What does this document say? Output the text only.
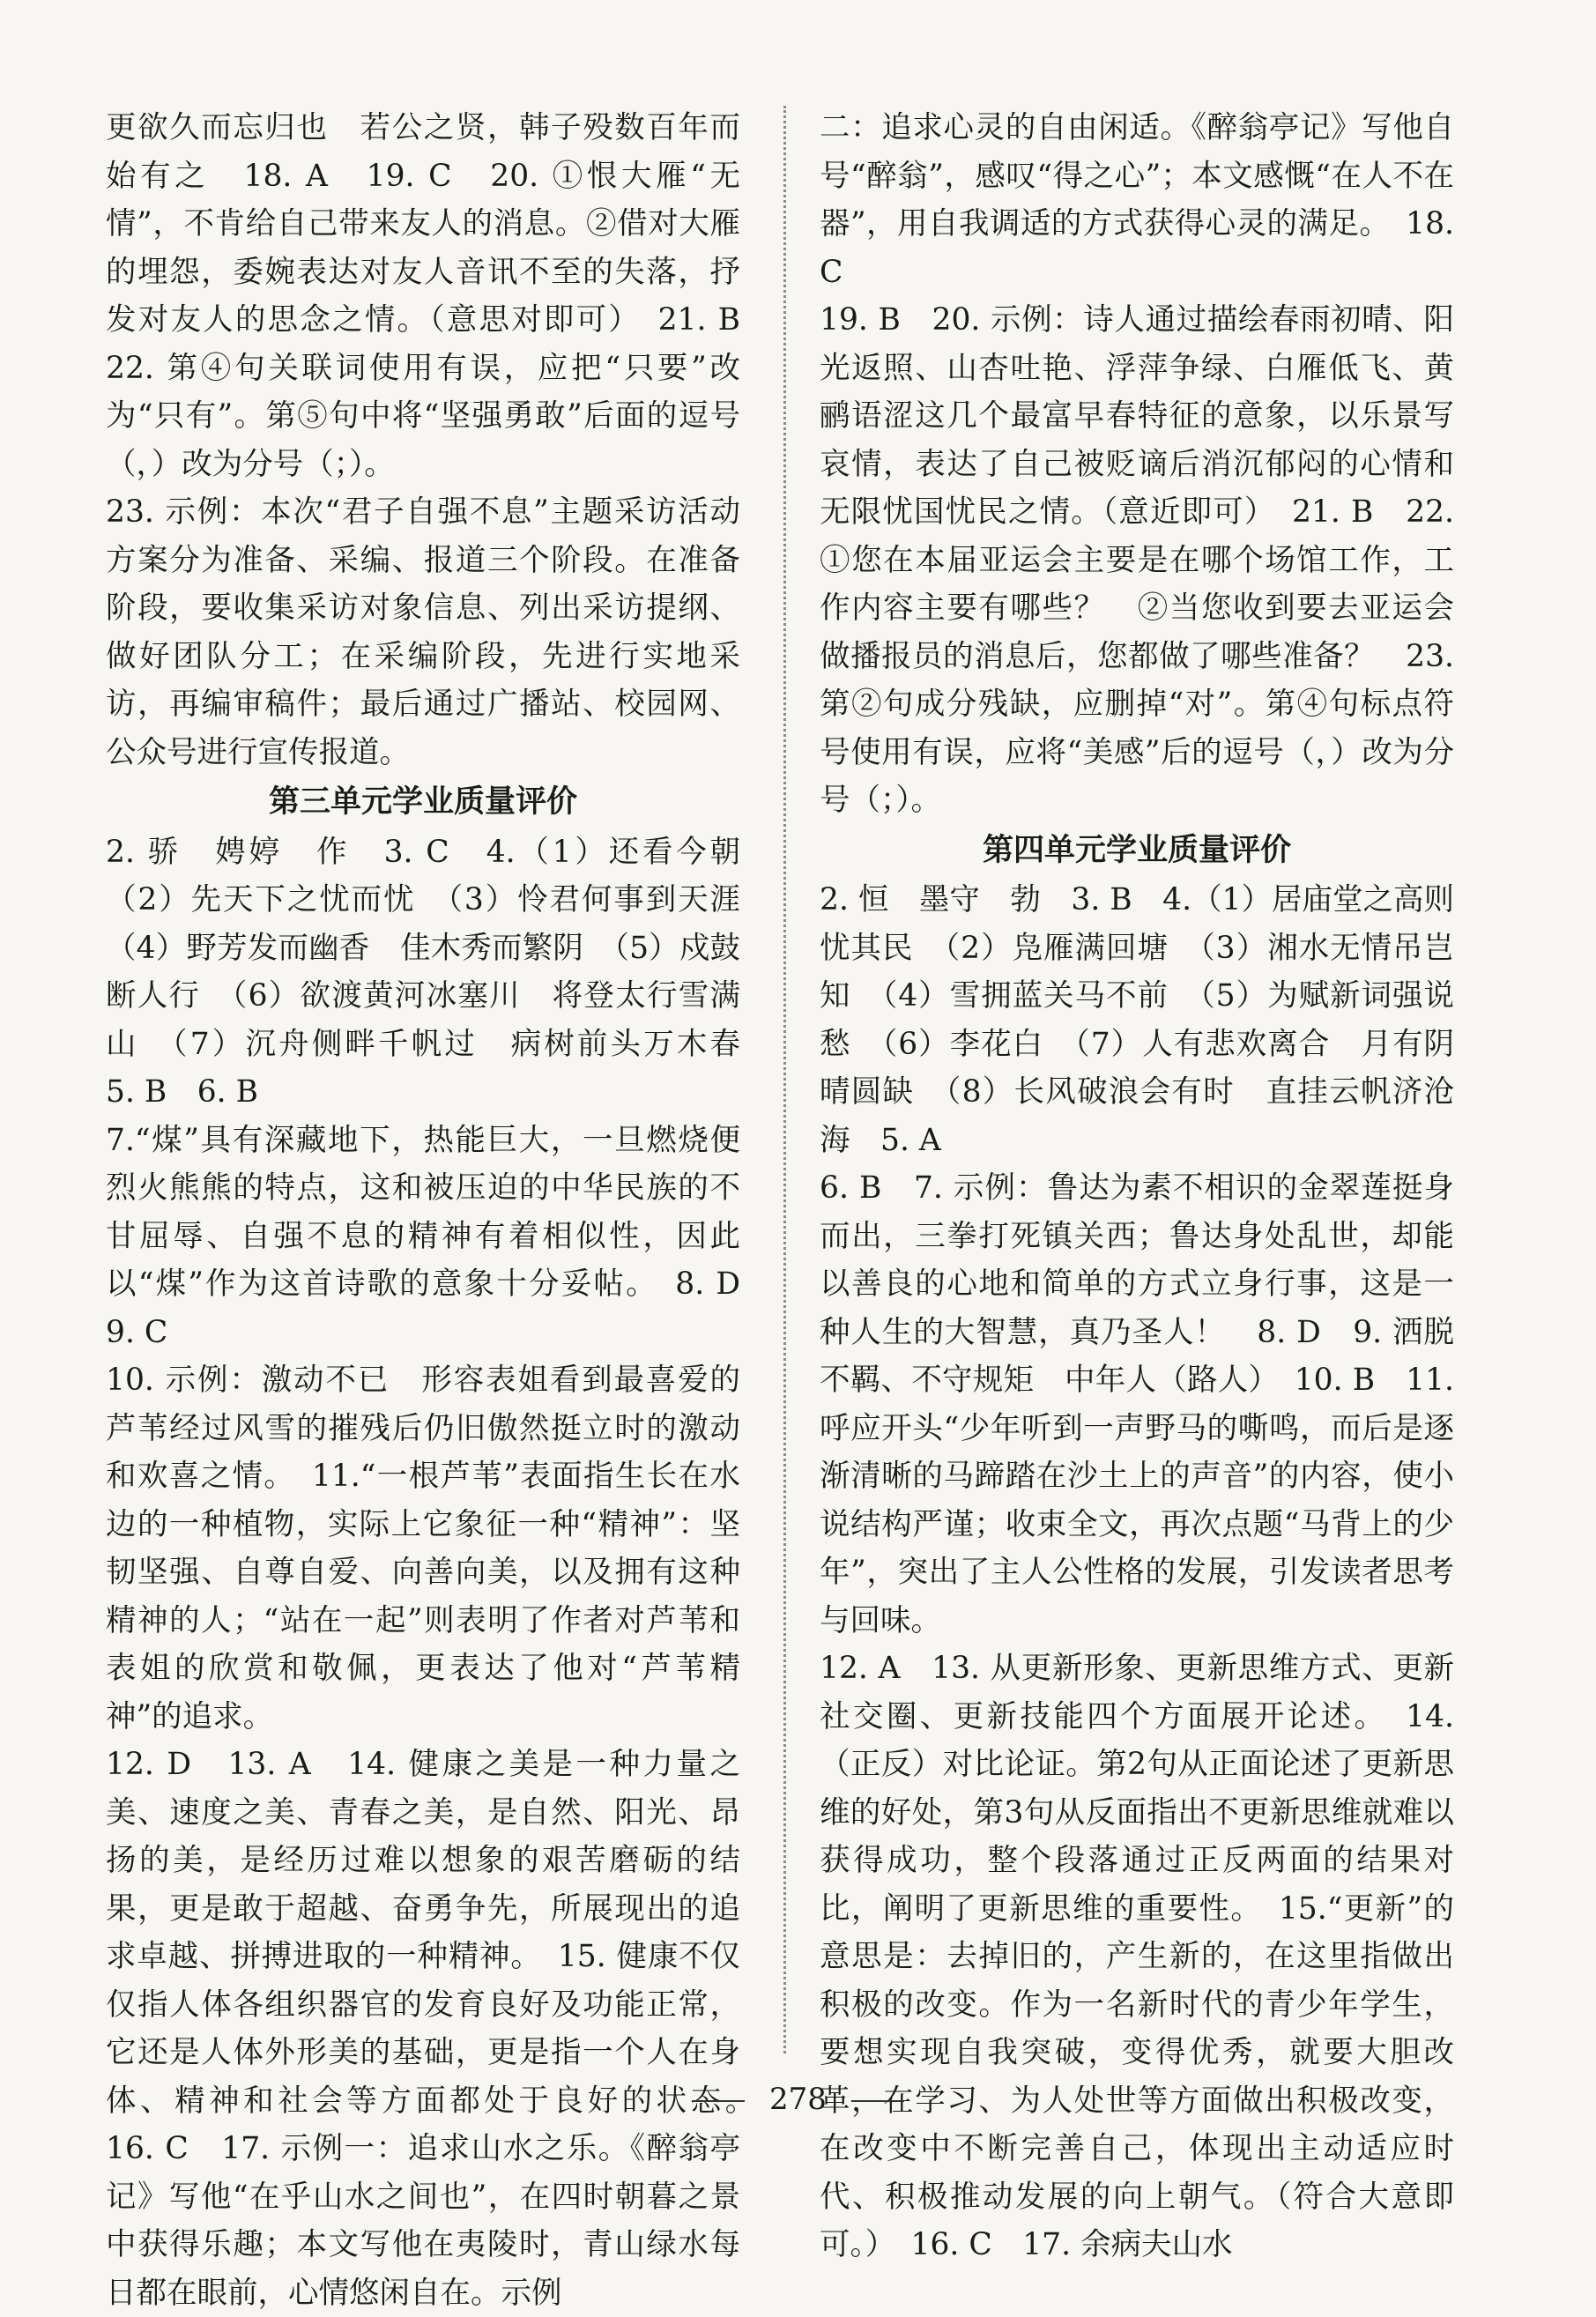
更欲久而忘归也　若公之贤，韩子殁数百年而始有之　18. A　19. C　20. ①恨大雁“无情”，不肯给自己带来友人的消息。②借对大雁的埋怨，委婉表达对友人音讯不至的失落，抒发对友人的思念之情。（意思对即可）　21. B　22. 第④句关联词使用有误，应把“只要”改为“只有”。第⑤句中将“坚强勇敢”后面的逗号（，）改为分号（；）。

23. 示例：本次“君子自强不息”主题采访活动方案分为准备、采编、报道三个阶段。在准备阶段，要收集采访对象信息、列出采访提纲、做好团队分工；在采编阶段，先进行实地采访，再编审稿件；最后通过广播站、校园网、公众号进行宣传报道。

第三单元学业质量评价

2. 骄　娉婷　作　3. C　4.（1）还看今朝　（2）先天下之忧而忧　（3）怜君何事到天涯　（4）野芳发而幽香　佳木秀而繁阴　（5）戍鼓断人行　（6）欲渡黄河冰塞川　将登太行雪满山　（7）沉舟侧畔千帆过　病树前头万木春　5. B　6. B

7.“煤”具有深藏地下，热能巨大，一旦燃烧便烈火熊熊的特点，这和被压迫的中华民族的不甘屈辱、自强不息的精神有着相似性，因此以“煤”作为这首诗歌的意象十分妥帖。　8. D　9. C

10. 示例：激动不已　形容表姐看到最喜爱的芦苇经过风雪的摧残后仍旧傲然挺立时的激动和欢喜之情。　11.“一根芦苇”表面指生长在水边的一种植物，实际上它象征一种“精神”：坚韧坚强、自尊自爱、向善向美，以及拥有这种精神的人；“站在一起”则表明了作者对芦苇和表姐的欣赏和敬佩，更表达了他对“芦苇精神”的追求。

12. D　13. A　14. 健康之美是一种力量之美、速度之美、青春之美，是自然、阳光、昂扬的美，是经历过难以想象的艰苦磨砺的结果，更是敢于超越、奋勇争先，所展现出的追求卓越、拼搏进取的一种精神。　15. 健康不仅仅指人体各组织器官的发育良好及功能正常，它还是人体外形美的基础，更是指一个人在身体、精神和社会等方面都处于良好的状态。　16. C　17. 示例一：追求山水之乐。《醉翁亭记》写他“在乎山水之间也”，在四时朝暮之景中获得乐趣；本文写他在夷陵时，青山绿水每日都在眼前，心情悠闲自在。示例

二：追求心灵的自由闲适。《醉翁亭记》写他自号“醉翁”，感叹“得之心”；本文感慨“在人不在器”，用自我调适的方式获得心灵的满足。　18. C

19. B　20. 示例：诗人通过描绘春雨初晴、阳光返照、山杏吐艳、浮萍争绿、白雁低飞、黄鹂语涩这几个最富早春特征的意象，以乐景写哀情，表达了自己被贬谪后消沉郁闷的心情和无限忧国忧民之情。（意近即可）　21. B　22. ①您在本届亚运会主要是在哪个场馆工作，工作内容主要有哪些？　②当您收到要去亚运会做播报员的消息后，您都做了哪些准备？　23. 第②句成分残缺，应删掉“对”。第④句标点符号使用有误，应将“美感”后的逗号（，）改为分号（；）。

第四单元学业质量评价

2. 恒　墨守　勃　3. B　4.（1）居庙堂之高则忧其民　（2）凫雁满回塘　（3）湘水无情吊岂知　（4）雪拥蓝关马不前　（5）为赋新词强说愁　（6）李花白　（7）人有悲欢离合　月有阴晴圆缺　（8）长风破浪会有时　直挂云帆济沧海　5. A

6. B　7. 示例：鲁达为素不相识的金翠莲挺身而出，三拳打死镇关西；鲁达身处乱世，却能以善良的心地和简单的方式立身行事，这是一种人生的大智慧，真乃圣人！　8. D　9. 洒脱不羁、不守规矩　中年人（路人）　10. B　11. 呼应开头“少年听到一声野马的嘶鸣，而后是逐渐清晰的马蹄踏在沙土上的声音”的内容，使小说结构严谨；收束全文，再次点题“马背上的少年”，突出了主人公性格的发展，引发读者思考与回味。

12. A　13. 从更新形象、更新思维方式、更新社交圈、更新技能四个方面展开论述。　14.（正反）对比论证。第2句从正面论述了更新思维的好处，第3句从反面指出不更新思维就难以获得成功，整个段落通过正反两面的结果对比，阐明了更新思维的重要性。　15.“更新”的意思是：去掉旧的，产生新的，在这里指做出积极的改变。作为一名新时代的青少年学生，要想实现自我突破，变得优秀，就要大胆改革，在学习、为人处世等方面做出积极改变，在改变中不断完善自己，体现出主动适应时代、积极推动发展的向上朝气。（符合大意即可。）　16. C　17. 余病夫山水

278
